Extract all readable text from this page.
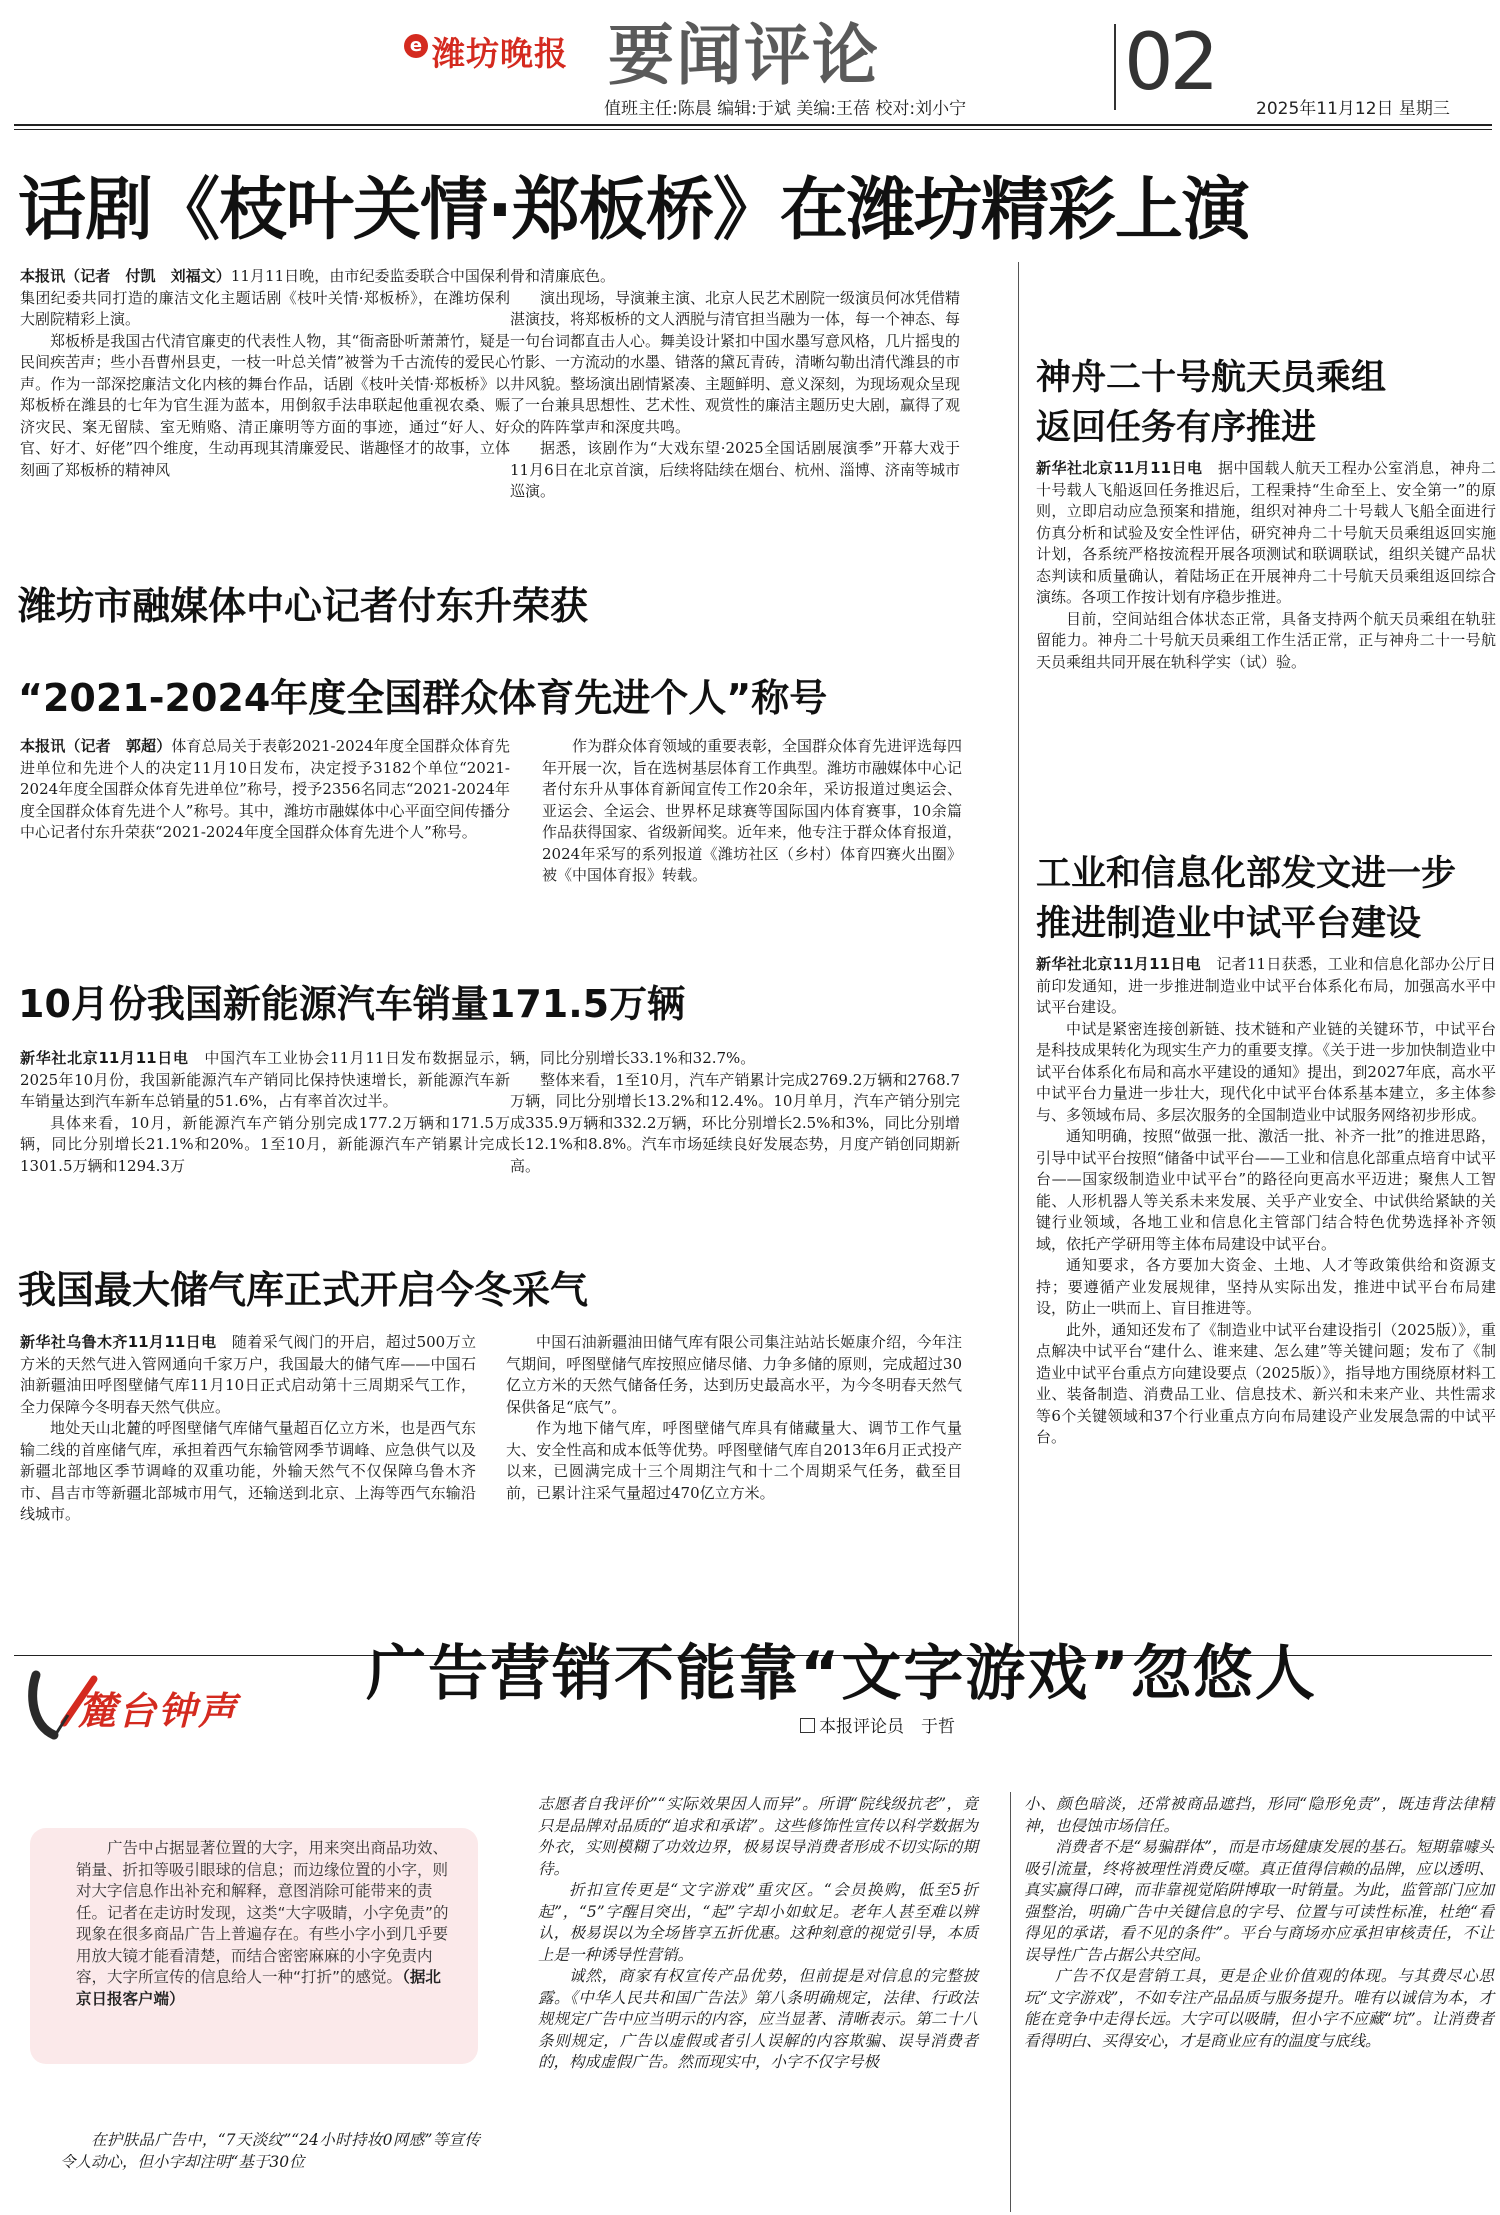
e 潍坊晚报 要闻评论	02
值班主任:陈晨 编辑:于斌 美编:王蓓 校对:刘小宁	2025年11月12日 星期三
话剧《枝叶关情·郑板桥》在潍坊精彩上演

本报讯（记者　付凯　刘福文）11月11日晚，由市纪委监委联合中国保利集团纪委共同打造的廉洁文化主题话剧《枝叶关情·郑板桥》，在潍坊保利大剧院精彩上演。

郑板桥是我国古代清官廉吏的代表性人物，其“衙斋卧听萧萧竹，疑是民间疾苦声；些小吾曹州县吏，一枝一叶总关情”被誉为千古流传的爱民心声。作为一部深挖廉洁文化内核的舞台作品，话剧《枝叶关情·郑板桥》以郑板桥在潍县的七年为官生涯为蓝本，用倒叙手法串联起他重视农桑、赈济灾民、案无留牍、室无贿赂、清正廉明等方面的事迹，通过“好人、好官、好才、好佬”四个维度，生动再现其清廉爱民、谐趣怪才的故事，立体刻画了郑板桥的精神风

骨和清廉底色。

演出现场，导演兼主演、北京人民艺术剧院一级演员何冰凭借精湛演技，将郑板桥的文人洒脱与清官担当融为一体，每一个神态、每一句台词都直击人心。舞美设计紧扣中国水墨写意风格，几片摇曳的竹影、一方流动的水墨、错落的黛瓦青砖，清晰勾勒出清代潍县的市井风貌。整场演出剧情紧凑、主题鲜明、意义深刻，为现场观众呈现了一台兼具思想性、艺术性、观赏性的廉洁主题历史大剧，赢得了观众的阵阵掌声和深度共鸣。

据悉，该剧作为“大戏东望·2025全国话剧展演季”开幕大戏于11月6日在北京首演，后续将陆续在烟台、杭州、淄博、济南等城市巡演。

潍坊市融媒体中心记者付东升荣获
“2021-2024年度全国群众体育先进个人”称号

本报讯（记者　郭超）体育总局关于表彰2021-2024年度全国群众体育先进单位和先进个人的决定11月10日发布，决定授予3182个单位“2021-2024年度全国群众体育先进单位”称号，授予2356名同志“2021-2024年度全国群众体育先进个人”称号。其中，潍坊市融媒体中心平面空间传播分中心记者付东升荣获“2021-2024年度全国群众体育先进个人”称号。

作为群众体育领域的重要表彰，全国群众体育先进评选每四年开展一次，旨在选树基层体育工作典型。潍坊市融媒体中心记者付东升从事体育新闻宣传工作20余年，采访报道过奥运会、亚运会、全运会、世界杯足球赛等国际国内体育赛事，10余篇作品获得国家、省级新闻奖。近年来，他专注于群众体育报道，2024年采写的系列报道《潍坊社区（乡村）体育四赛火出圈》被《中国体育报》转载。

10月份我国新能源汽车销量171.5万辆

新华社北京11月11日电　 中国汽车工业协会11月11日发布数据显示，2025年10月份，我国新能源汽车产销同比保持快速增长，新能源汽车新车销量达到汽车新车总销量的51.6%，占有率首次过半。

具体来看，10月，新能源汽车产销分别完成177.2万辆和171.5万辆，同比分别增长21.1%和20%。1至10月，新能源汽车产销累计完成1301.5万辆和1294.3万

辆，同比分别增长33.1%和32.7%。

整体来看，1至10月，汽车产销累计完成2769.2万辆和2768.7万辆，同比分别增长13.2%和12.4%。10月单月，汽车产销分别完成335.9万辆和332.2万辆，环比分别增长2.5%和3%，同比分别增长12.1%和8.8%。汽车市场延续良好发展态势，月度产销创同期新高。

我国最大储气库正式开启今冬采气

新华社乌鲁木齐11月11日电　 随着采气阀门的开启，超过500万立方米的天然气进入管网通向千家万户，我国最大的储气库——中国石油新疆油田呼图壁储气库11月10日正式启动第十三周期采气工作，全力保障今冬明春天然气供应。

地处天山北麓的呼图壁储气库储气量超百亿立方米，也是西气东输二线的首座储气库，承担着西气东输管网季节调峰、应急供气以及新疆北部地区季节调峰的双重功能，外输天然气不仅保障乌鲁木齐市、昌吉市等新疆北部城市用气，还输送到北京、上海等西气东输沿线城市。

中国石油新疆油田储气库有限公司集注站站长姬康介绍，今年注气期间，呼图壁储气库按照应储尽储、力争多储的原则，完成超过30亿立方米的天然气储备任务，达到历史最高水平，为今冬明春天然气保供备足“底气”。

作为地下储气库，呼图壁储气库具有储藏量大、调节工作气量大、安全性高和成本低等优势。呼图壁储气库自2013年6月正式投产以来，已圆满完成十三个周期注气和十二个周期采气任务，截至目前，已累计注采气量超过470亿立方米。

神舟二十号航天员乘组
返回任务有序推进

新华社北京11月11日电　 据中国载人航天工程办公室消息，神舟二十号载人飞船返回任务推迟后，工程秉持“生命至上、安全第一”的原则，立即启动应急预案和措施，组织对神舟二十号载人飞船全面进行仿真分析和试验及安全性评估，研究神舟二十号航天员乘组返回实施计划，各系统严格按流程开展各项测试和联调联试，组织关键产品状态判读和质量确认，着陆场正在开展神舟二十号航天员乘组返回综合演练。各项工作按计划有序稳步推进。

目前，空间站组合体状态正常，具备支持两个航天员乘组在轨驻留能力。神舟二十号航天员乘组工作生活正常，正与神舟二十一号航天员乘组共同开展在轨科学实（试）验。

工业和信息化部发文进一步
推进制造业中试平台建设

新华社北京11月11日电　 记者11日获悉，工业和信息化部办公厅日前印发通知，进一步推进制造业中试平台体系化布局，加强高水平中试平台建设。

中试是紧密连接创新链、技术链和产业链的关键环节，中试平台是科技成果转化为现实生产力的重要支撑。《关于进一步加快制造业中试平台体系化布局和高水平建设的通知》提出，到2027年底，高水平中试平台力量进一步壮大，现代化中试平台体系基本建立，多主体参与、多领域布局、多层次服务的全国制造业中试服务网络初步形成。

通知明确，按照“做强一批、激活一批、补齐一批”的推进思路，引导中试平台按照“储备中试平台——工业和信息化部重点培育中试平台——国家级制造业中试平台”的路径向更高水平迈进；聚焦人工智能、人形机器人等关系未来发展、关乎产业安全、中试供给紧缺的关键行业领域，各地工业和信息化主管部门结合特色优势选择补齐领域，依托产学研用等主体布局建设中试平台。

通知要求，各方要加大资金、土地、人才等政策供给和资源支持；要遵循产业发展规律，坚持从实际出发，推进中试平台布局建设，防止一哄而上、盲目推进等。

此外，通知还发布了《制造业中试平台建设指引（2025版）》，重点解决中试平台“建什么、谁来建、怎么建”等关键问题；发布了《制造业中试平台重点方向建设要点（2025版）》，指导地方围绕原材料工业、装备制造、消费品工业、信息技术、新兴和未来产业、共性需求等6个关键领域和37个行业重点方向布局建设产业发展急需的中试平台。

麓台钟声
广告营销不能靠“文字游戏”忽悠人
本报评论员　于哲

广告中占据显著位置的大字，用来突出商品功效、销量、折扣等吸引眼球的信息；而边缘位置的小字，则对大字信息作出补充和解释，意图消除可能带来的责任。记者在走访时发现，这类“大字吸睛，小字免责”的现象在很多商品广告上普遍存在。有些小字小到几乎要用放大镜才能看清楚，而结合密密麻麻的小字免责内容，大字所宣传的信息给人一种“打折”的感觉。（据北京日报客户端）

在护肤品广告中，“7天淡纹”“24小时持妆0网感”等宣传令人动心，但小字却注明“基于30位

志愿者自我评价”“实际效果因人而异”。所谓“院线级抗老”，竟只是品牌对品质的“追求和承诺”。这些修饰性宣传以科学数据为外衣，实则模糊了功效边界，极易误导消费者形成不切实际的期待。

折扣宣传更是“文字游戏”重灾区。“会员换购，低至5折起”，“5”字醒目突出，“起”字却小如蚊足。老年人甚至难以辨认，极易误以为全场皆享五折优惠。这种刻意的视觉引导，本质上是一种诱导性营销。

诚然，商家有权宣传产品优势，但前提是对信息的完整披露。《中华人民共和国广告法》第八条明确规定，法律、行政法规规定广告中应当明示的内容，应当显著、清晰表示。第二十八条则规定，广告以虚假或者引人误解的内容欺骗、误导消费者的，构成虚假广告。然而现实中，小字不仅字号极

小、颜色暗淡，还常被商品遮挡，形同“隐形免责”，既违背法律精神，也侵蚀市场信任。

消费者不是“易骗群体”，而是市场健康发展的基石。短期靠噱头吸引流量，终将被理性消费反噬。真正值得信赖的品牌，应以透明、真实赢得口碑，而非靠视觉陷阱博取一时销量。为此，监管部门应加强整治，明确广告中关键信息的字号、位置与可读性标准，杜绝“看得见的承诺，看不见的条件”。平台与商场亦应承担审核责任，不让误导性广告占据公共空间。

广告不仅是营销工具，更是企业价值观的体现。与其费尽心思玩“文字游戏”，不如专注产品品质与服务提升。唯有以诚信为本，才能在竞争中走得长远。大字可以吸睛，但小字不应藏“坑”。让消费者看得明白、买得安心，才是商业应有的温度与底线。
